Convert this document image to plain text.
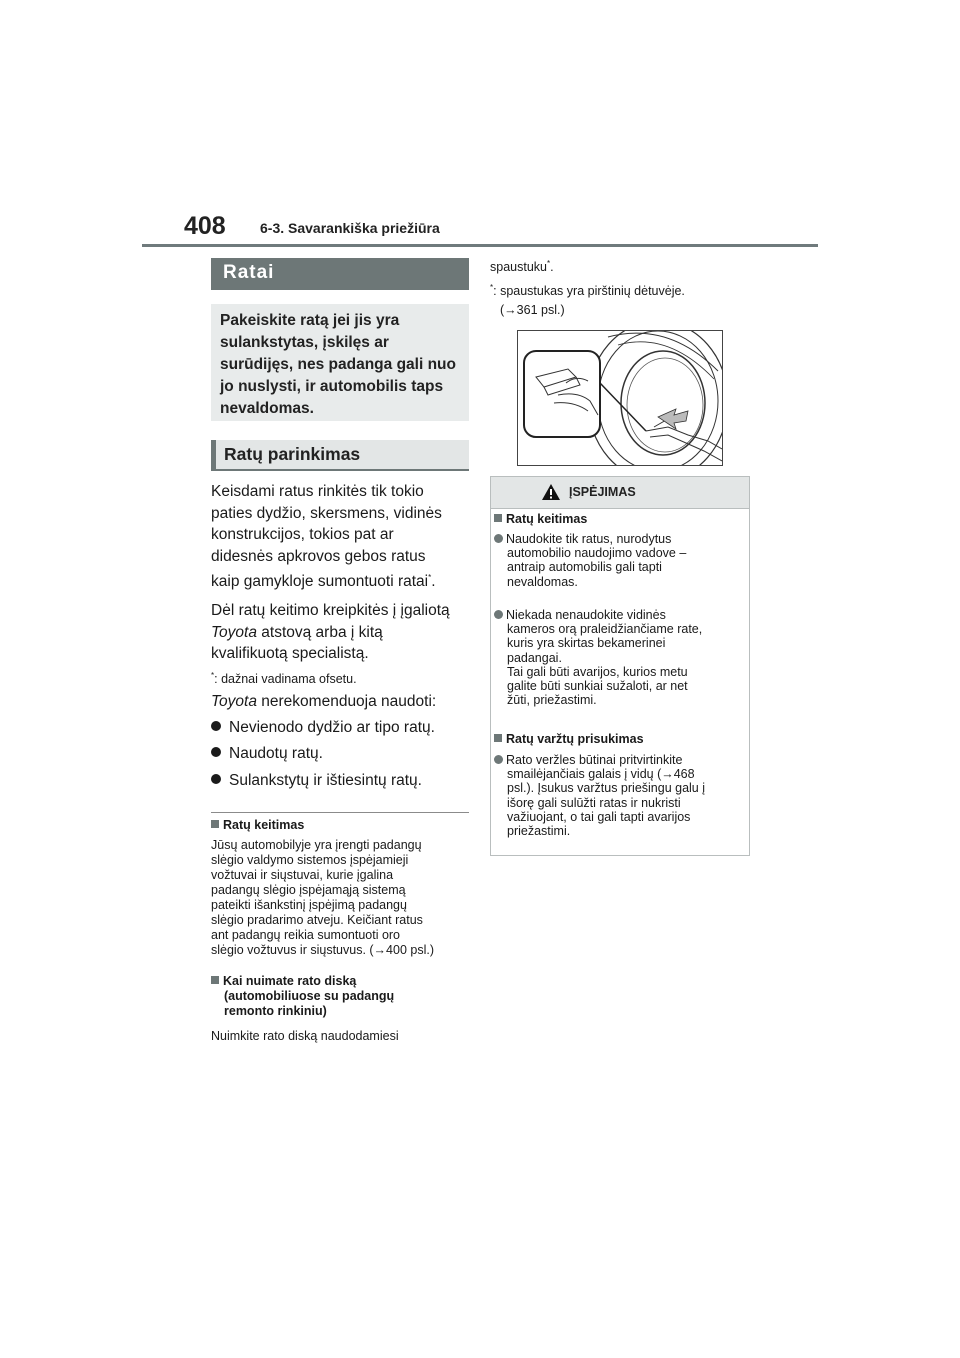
408 6-3. Savarankiška priežiūra
Ratai

Pakeiskite ratą jei jis yra sulankstytas, įskilęs ar surūdijęs, nes padanga gali nuo jo nuslysti, ir automobilis taps nevaldomas.

Ratų parinkimas
Keisdami ratus rinkitės tik tokio
paties dydžio, skersmens, vidinės
konstrukcijos, tokios pat ar
didesnės apkrovos gebos ratus
kaip gamykloje sumontuoti ratai*.
Dėl ratų keitimo kreipkitės į įgaliotą
Toyota atstovą arba į kitą
kvalifikuotą specialistą.
*: dažnai vadinama ofsetu.
Toyota nerekomenduoja naudoti:
Nevienodo dydžio ar tipo ratų.
Naudotų ratų.
Sulankstytų ir ištiesintų ratų.
Ratų keitimas
Jūsų automobilyje yra įrengti padangų
slėgio valdymo sistemos įspėjamieji
vožtuvai ir siųstuvai, kurie įgalina
padangų slėgio įspėjamąją sistemą
pateikti išankstinį įspėjimą padangų
slėgio pradarimo atveju. Keičiant ratus
ant padangų reikia sumontuoti oro
slėgio vožtuvus ir siųstuvus. (→400 psl.)
Kai nuimate rato diską
(automobiliuose su padangų
remonto rinkiniu)
Nuimkite rato diską naudodamiesi
spaustuku*.
*: spaustukas yra pirštinių dėtuvėje.
(→361 psl.)
ĮSPĖJIMAS
Ratų keitimas
Naudokite tik ratus, nurodytus
automobilio naudojimo vadove –
antraip automobilis gali tapti
nevaldomas.
Niekada nenaudokite vidinės
kameros orą praleidžiančiame rate,
kuris yra skirtas bekamerinei
padangai.
Tai gali būti avarijos, kurios metu
galite būti sunkiai sužaloti, ar net
žūti, priežastimi.
Ratų varžtų prisukimas
Rato veržles būtinai pritvirtinkite
smailėjančiais galais į vidų (→468
psl.). Įsukus varžtus priešingu galu į
išorę gali sulūžti ratas ir nukristi
važiuojant, o tai gali tapti avarijos
priežastimi.
